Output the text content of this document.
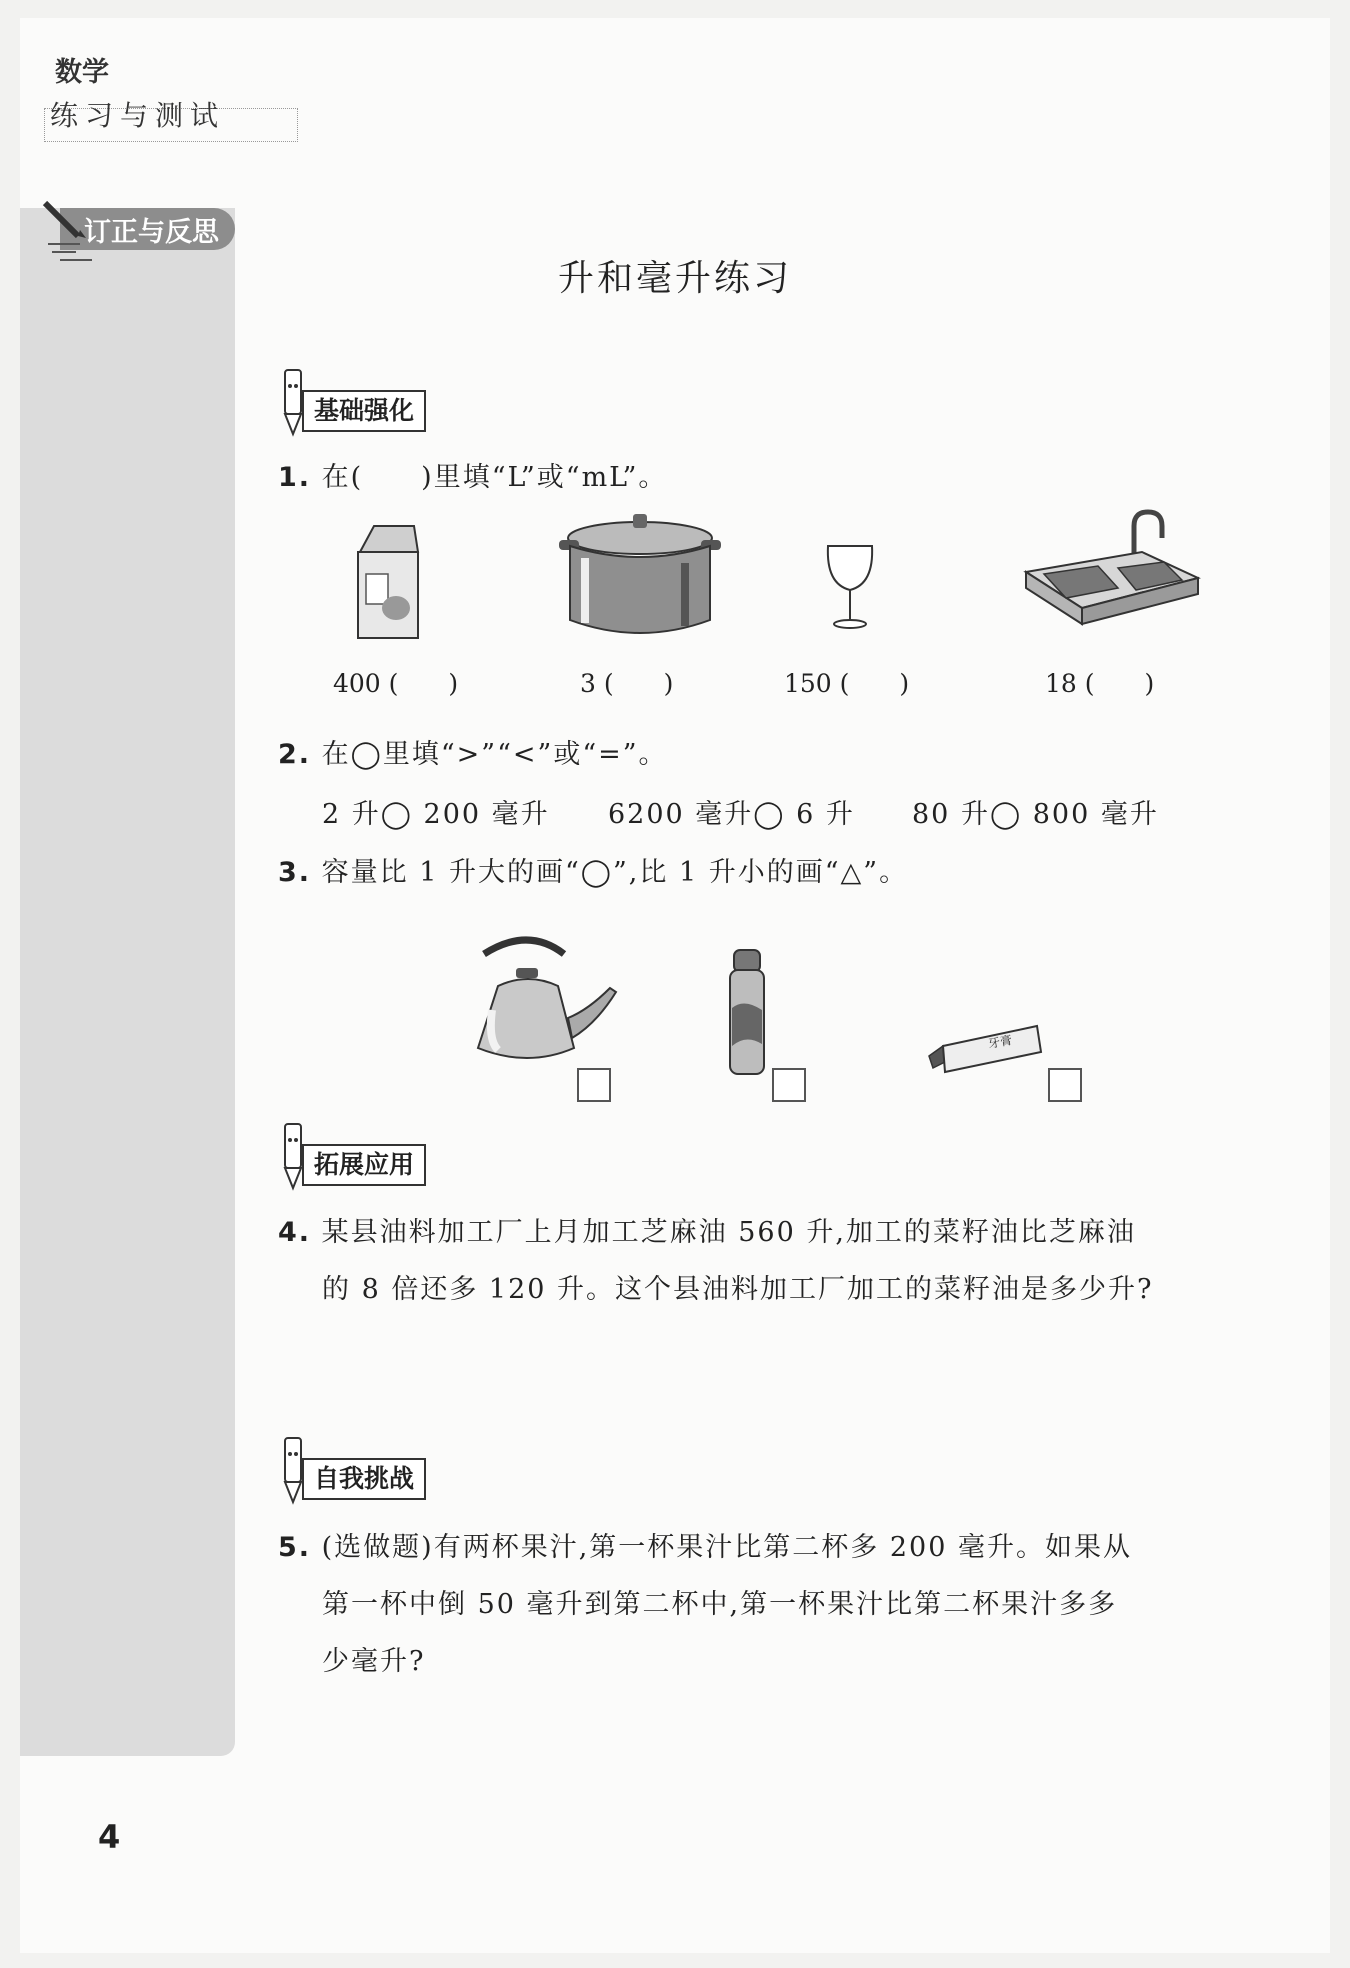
数学
练习与测试
订正与反思
升和毫升练习
基础强化
1. 在(　　)里填“L”或“mL”。
400 (　　)	3 (　　)	150 (　　)	18 (　　)
2. 在◯里填“>”“<”或“=”。
2 升◯ 200 毫升 6200 毫升◯ 6 升 80 升◯ 800 毫升
3. 容量比 1 升大的画“◯”,比 1 升小的画“△”。
牙膏
拓展应用
4. 某县油料加工厂上月加工芝麻油 560 升,加工的菜籽油比芝麻油
的 8 倍还多 120 升。这个县油料加工厂加工的菜籽油是多少升?
自我挑战
5. (选做题)有两杯果汁,第一杯果汁比第二杯多 200 毫升。如果从
第一杯中倒 50 毫升到第二杯中,第一杯果汁比第二杯果汁多多
少毫升?
4
